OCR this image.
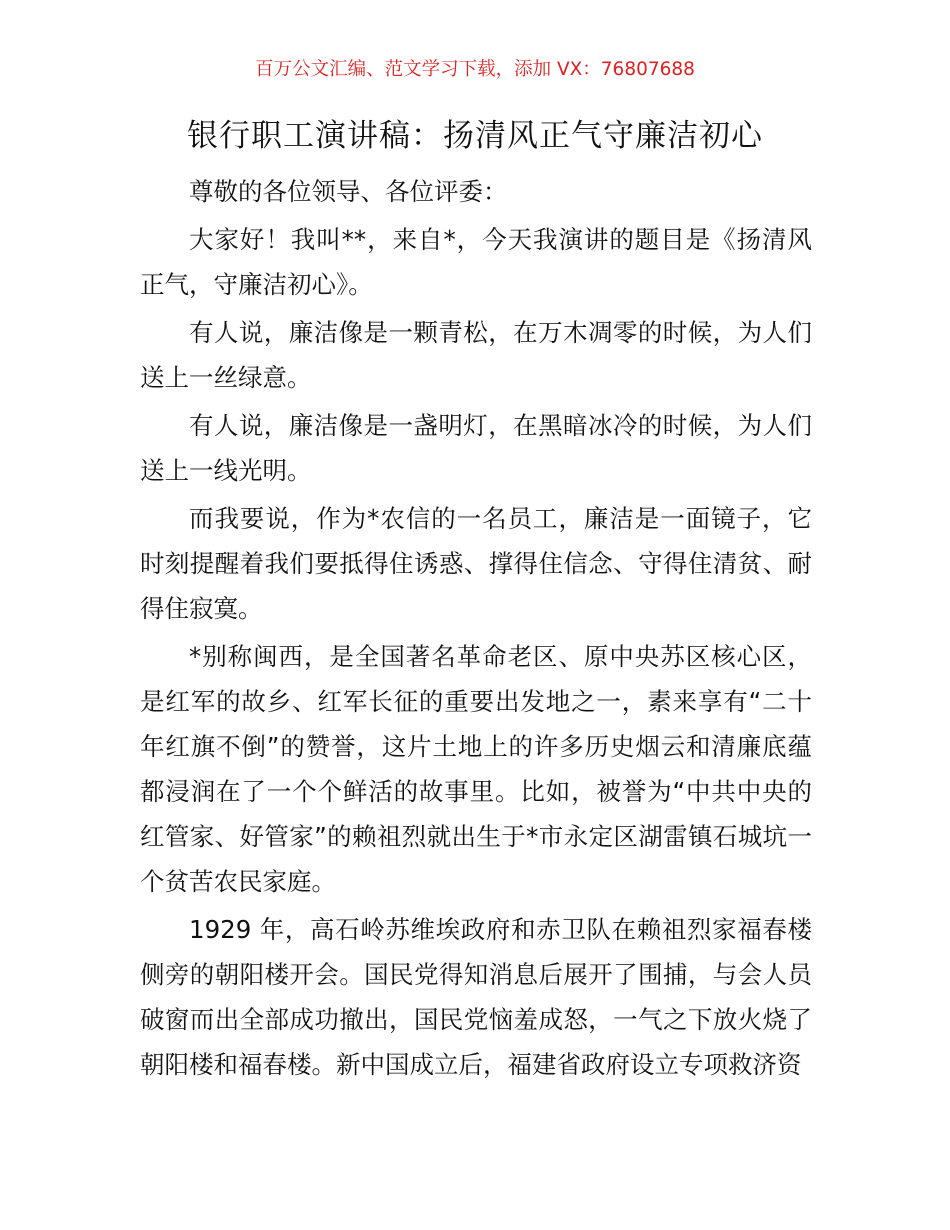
百万公文汇编、范文学习下载，添加 VX：76807688
银行职工演讲稿：扬清风正气守廉洁初心

尊敬的各位领导、各位评委：

大家好！我叫**，来自*，今天我演讲的题目是《扬清风正气，守廉洁初心》。

有人说，廉洁像是一颗青松，在万木凋零的时候，为人们送上一丝绿意。

有人说，廉洁像是一盏明灯，在黑暗冰冷的时候，为人们送上一线光明。

而我要说，作为*农信的一名员工，廉洁是一面镜子，它时刻提醒着我们要抵得住诱惑、撑得住信念、守得住清贫、耐得住寂寞。

*别称闽西，是全国著名革命老区、原中央苏区核心区，是红军的故乡、红军长征的重要出发地之一，素来享有“二十年红旗不倒”的赞誉，这片土地上的许多历史烟云和清廉底蕴都浸润在了一个个鲜活的故事里。比如，被誉为“中共中央的红管家、好管家”的赖祖烈就出生于*市永定区湖雷镇石城坑一个贫苦农民家庭。

1929 年，高石岭苏维埃政府和赤卫队在赖祖烈家福春楼侧旁的朝阳楼开会。国民党得知消息后展开了围捕，与会人员破窗而出全部成功撤出，国民党恼羞成怒，一气之下放火烧了朝阳楼和福春楼。新中国成立后，福建省政府设立专项救济资
